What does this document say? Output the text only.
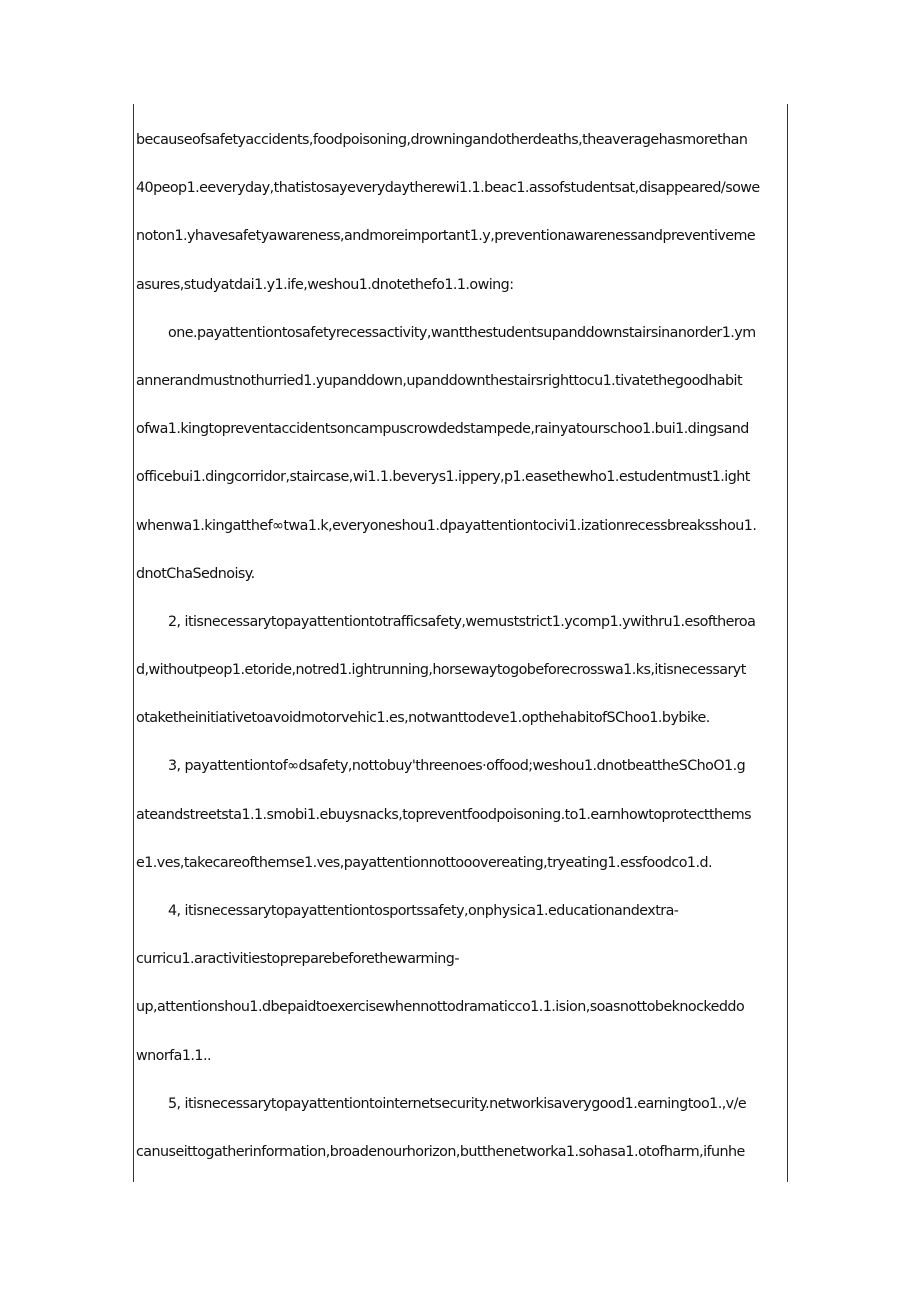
becauseofsafetyaccidents,foodpoisoning,drowningandotherdeaths,theaveragehasmorethan
40peop1.eeveryday,thatistosayeverydaytherewi1.1.beac1.assofstudentsat,disappeared/sowe
noton1.yhavesafetyawareness,andmoreimportant1.y,preventionawarenessandpreventiveme
asures,studyatdai1.y1.ife,weshou1.dnotethefo1.1.owing:
one.payattentiontosafetyrecessactivity,wantthestudentsupanddownstairsinanorder1.ym
annerandmustnothurried1.yupanddown,upanddownthestairsrighttocu1.tivatethegoodhabit
ofwa1.kingtopreventaccidentsoncampuscrowdedstampede,rainyatourschoo1.bui1.dingsand
officebui1.dingcorridor,staircase,wi1.1.beverys1.ippery,p1.easethewho1.estudentmust1.ight
whenwa1.kingatthef∞twa1.k,everyoneshou1.dpayattentiontocivi1.izationrecessbreaksshou1.
dnotChaSednoisy.
2, itisnecessarytopayattentiontotrafficsafety,wemuststrict1.ycomp1.ywithru1.esoftheroa
d,withoutpeop1.etoride,notred1.ightrunning,horsewaytogobeforecrosswa1.ks,itisnecessaryt
otaketheinitiativetoavoidmotorvehic1.es,notwanttodeve1.opthehabitofSChoo1.bybike.
3, payattentiontof∞dsafety,nottobuy'threenoes·offood;weshou1.dnotbeattheSChoO1.g
ateandstreetsta1.1.smobi1.ebuysnacks,topreventfoodpoisoning.to1.earnhowtoprotectthems
e1.ves,takecareofthemse1.ves,payattentionnottooovereating,tryeating1.essfoodco1.d.
4, itisnecessarytopayattentiontosportssafety,onphysica1.educationandextra-
curricu1.aractivitiestopreparebeforethewarming-
up,attentionshou1.dbepaidtoexercisewhennottodramaticco1.1.ision,soasnottobeknockeddo
wnorfa1.1..
5, itisnecessarytopayattentiontointernetsecurity.networkisaverygood1.earningtoo1.,v/e
canuseittogatherinformation,broadenourhorizon,butthenetworka1.sohasa1.otofharm,ifunhe
